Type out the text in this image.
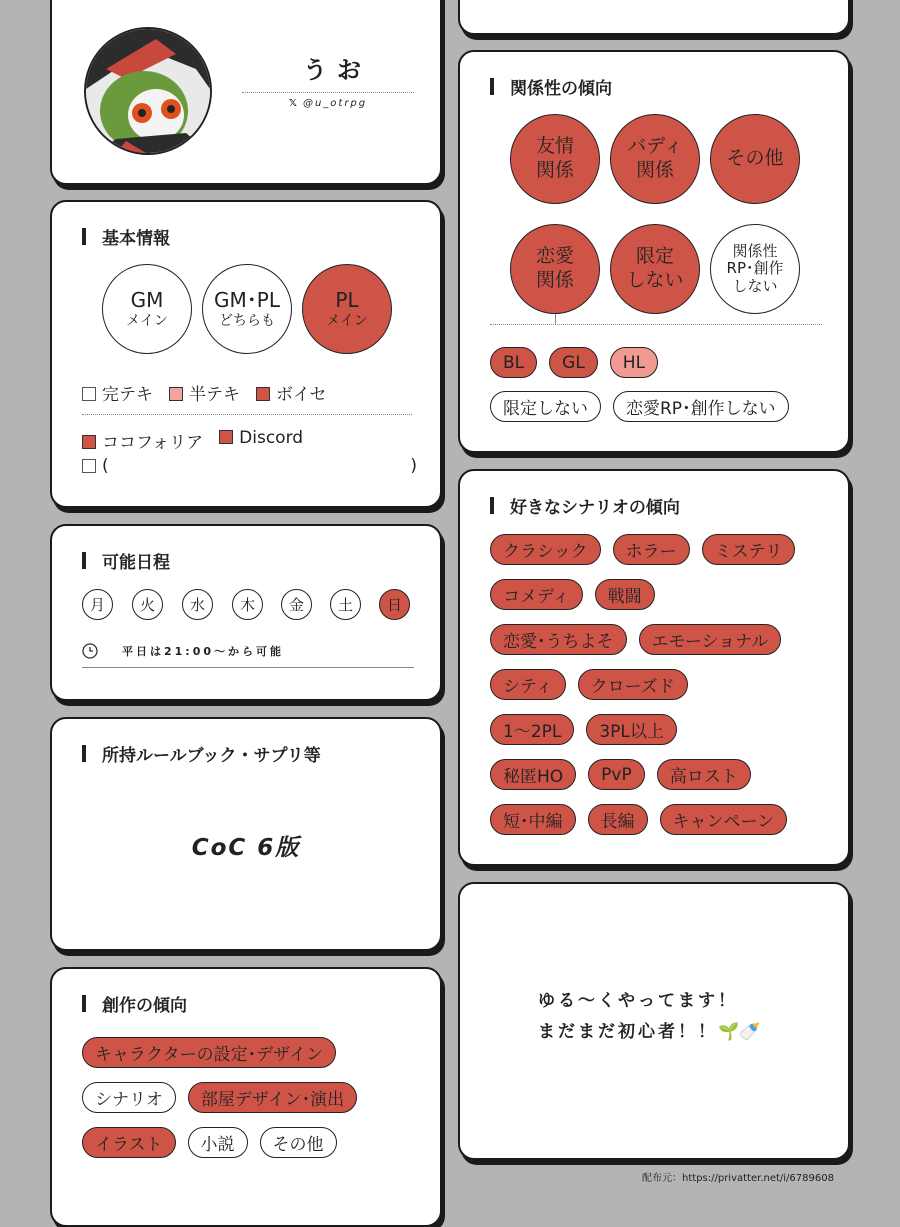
うお
𝕏 @u_otrpg
基本情報
GM
メイン
GM･PL
どちらも
PL
メイン
完テキ	半テキ	ボイセ
ココフォリア	Discord
(	)
可能日程
月	火	水	木	金	土	日
平日は21:00〜から可能
所持ルールブック・サプリ等
CoC 6版
創作の傾向
キャラクターの設定･デザイン
シナリオ	部屋デザイン･演出
イラスト	小説	その他
関係性の傾向
友情
関係
バディ
関係
その他
恋愛
関係
限定
しない
関係性
RP･創作
しない
BL	GL	HL
限定しない	恋愛RP･創作しない
好きなシナリオの傾向
クラシック	ホラー	ミステリ
コメディ	戦闘
恋愛･うちよそ	エモーショナル
シティ	クローズド
1〜2PL	3PL以上
秘匿HO	PvP	高ロスト
短･中編	長編	キャンペーン
ゆる〜くやってます！
まだまだ初心者！！🌱🍼
配布元：https://privatter.net/i/6789608
